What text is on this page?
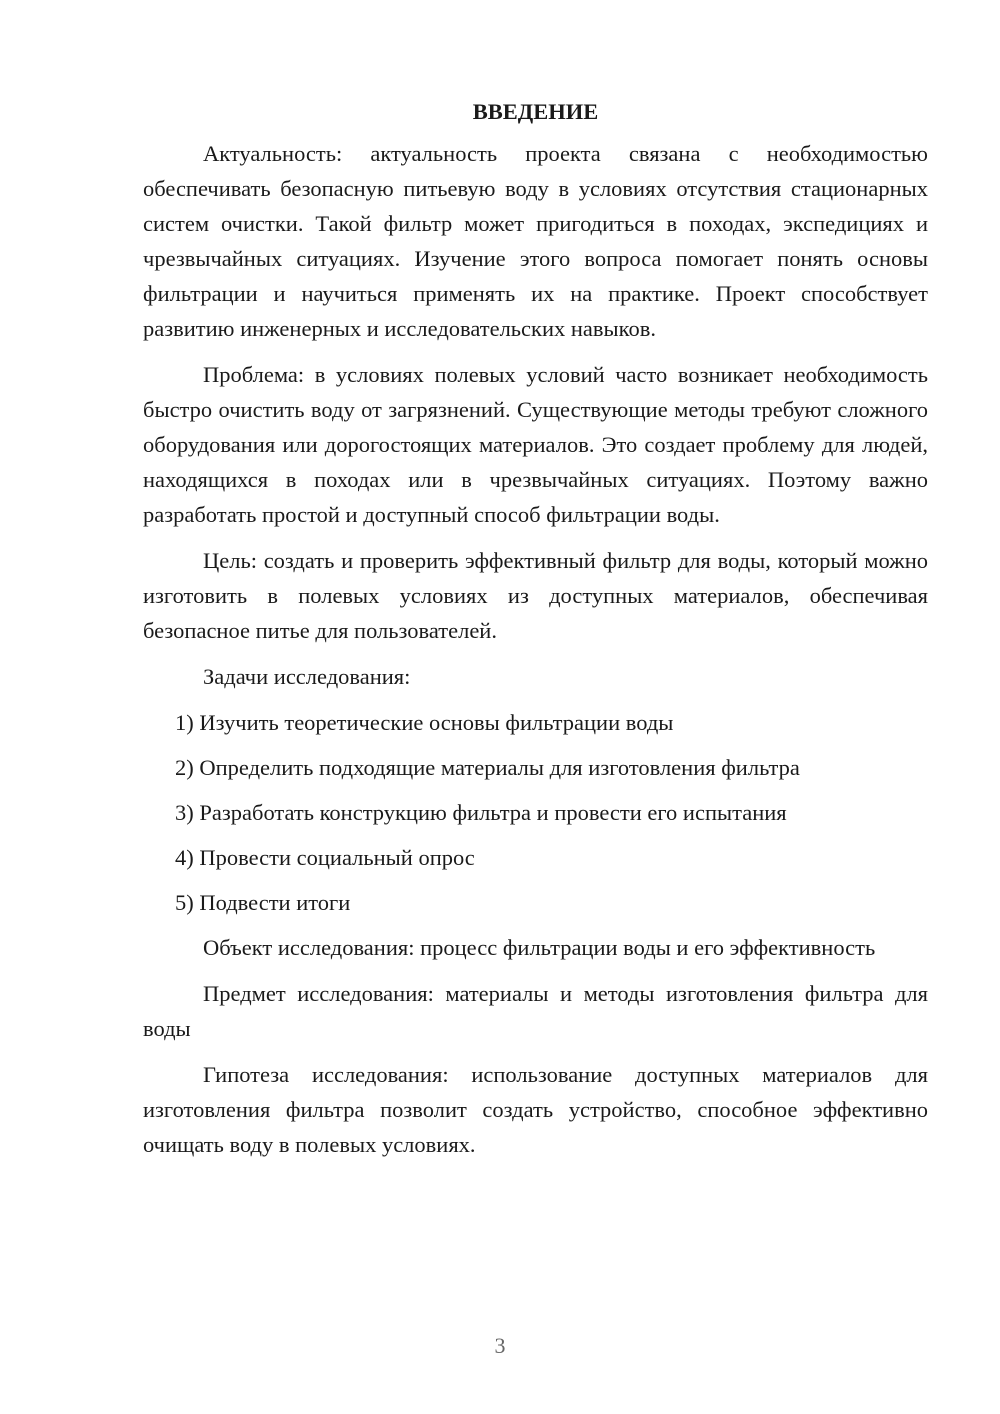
ВВЕДЕНИЕ

Актуальность: актуальность проекта связана с необходимостью обеспечивать безопасную питьевую воду в условиях отсутствия стационарных систем очистки. Такой фильтр может пригодиться в походах, экспедициях и чрезвычайных ситуациях. Изучение этого вопроса помогает понять основы фильтрации и научиться применять их на практике. Проект способствует развитию инженерных и исследовательских навыков.

Проблема: в условиях полевых условий часто возникает необходимость быстро очистить воду от загрязнений. Существующие методы требуют сложного оборудования или дорогостоящих материалов. Это создает проблему для людей, находящихся в походах или в чрезвычайных ситуациях. Поэтому важно разработать простой и доступный способ фильтрации воды.

Цель: создать и проверить эффективный фильтр для воды, который можно изготовить в полевых условиях из доступных материалов, обеспечивая безопасное питье для пользователей.

Задачи исследования:

1) Изучить теоретические основы фильтрации воды
2) Определить подходящие материалы для изготовления фильтра
3) Разработать конструкцию фильтра и провести его испытания
4) Провести социальный опрос
5) Подвести итоги

Объект исследования: процесс фильтрации воды и его эффективность

Предмет исследования: материалы и методы изготовления фильтра для воды

Гипотеза исследования: использование доступных материалов для изготовления фильтра позволит создать устройство, способное эффективно очищать воду в полевых условиях.

3
